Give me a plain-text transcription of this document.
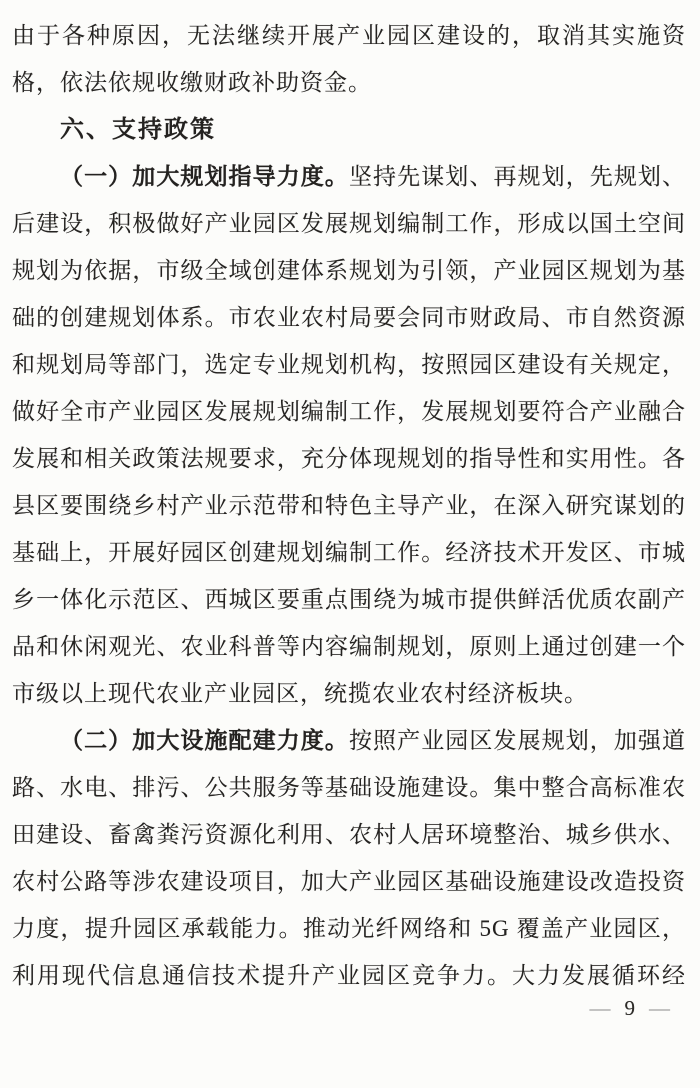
由于各种原因，无法继续开展产业园区建设的，取消其实施资
格，依法依规收缴财政补助资金。
六、支持政策
（一）加大规划指导力度。坚持先谋划、再规划，先规划、
后建设，积极做好产业园区发展规划编制工作，形成以国土空间
规划为依据，市级全域创建体系规划为引领，产业园区规划为基
础的创建规划体系。市农业农村局要会同市财政局、市自然资源
和规划局等部门，选定专业规划机构，按照园区建设有关规定，
做好全市产业园区发展规划编制工作，发展规划要符合产业融合
发展和相关政策法规要求，充分体现规划的指导性和实用性。各
县区要围绕乡村产业示范带和特色主导产业，在深入研究谋划的
基础上，开展好园区创建规划编制工作。经济技术开发区、市城
乡一体化示范区、西城区要重点围绕为城市提供鲜活优质农副产
品和休闲观光、农业科普等内容编制规划，原则上通过创建一个
市级以上现代农业产业园区，统揽农业农村经济板块。
（二）加大设施配建力度。按照产业园区发展规划，加强道
路、水电、排污、公共服务等基础设施建设。集中整合高标准农
田建设、畜禽粪污资源化利用、农村人居环境整治、城乡供水、
农村公路等涉农建设项目，加大产业园区基础设施建设改造投资
力度，提升园区承载能力。推动光纤网络和 5G 覆盖产业园区，
利用现代信息通信技术提升产业园区竞争力。大力发展循环经
— 9 —
